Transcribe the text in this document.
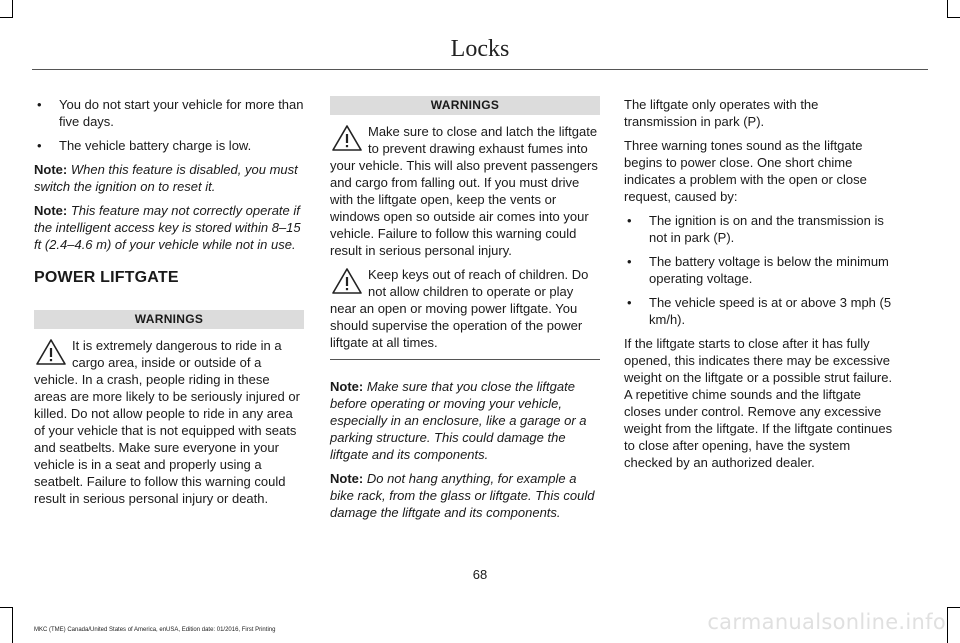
Locks
• You do not start your vehicle for more than five days.
• The vehicle battery charge is low.

Note: When this feature is disabled, you must switch the ignition on to reset it.

Note: This feature may not correctly operate if the intelligent access key is stored within 8–15 ft (2.4–4.6 m) of your vehicle while not in use.

POWER LIFTGATE
WARNINGS

It is extremely dangerous to ride in a cargo area, inside or outside of a vehicle. In a crash, people riding in these areas are more likely to be seriously injured or killed. Do not allow people to ride in any area of your vehicle that is not equipped with seats and seatbelts. Make sure everyone in your vehicle is in a seat and properly using a seatbelt. Failure to follow this warning could result in serious personal injury or death.

WARNINGS

Make sure to close and latch the liftgate to prevent drawing exhaust fumes into your vehicle. This will also prevent passengers and cargo from falling out. If you must drive with the liftgate open, keep the vents or windows open so outside air comes into your vehicle. Failure to follow this warning could result in serious personal injury.

Keep keys out of reach of children. Do not allow children to operate or play near an open or moving power liftgate. You should supervise the operation of the power liftgate at all times.

Note: Make sure that you close the liftgate before operating or moving your vehicle, especially in an enclosure, like a garage or a parking structure. This could damage the liftgate and its components.

Note: Do not hang anything, for example a bike rack, from the glass or liftgate. This could damage the liftgate and its components.

The liftgate only operates with the transmission in park (P).

Three warning tones sound as the liftgate begins to power close. One short chime indicates a problem with the open or close request, caused by:

• The ignition is on and the transmission is not in park (P).
• The battery voltage is below the minimum operating voltage.
• The vehicle speed is at or above 3 mph (5 km/h).

If the liftgate starts to close after it has fully opened, this indicates there may be excessive weight on the liftgate or a possible strut failure. A repetitive chime sounds and the liftgate closes under control. Remove any excessive weight from the liftgate. If the liftgate continues to close after opening, have the system checked by an authorized dealer.

68
MKC (TME) Canada/United States of America, enUSA, Edition date: 01/2016, First Printing	carmanualsonline.info
